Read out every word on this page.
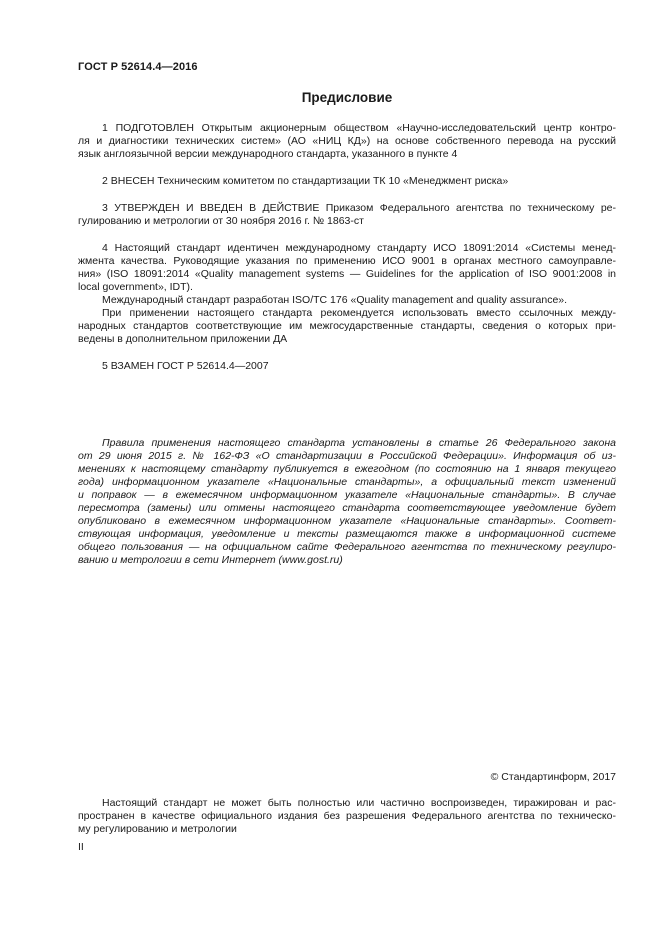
ГОСТ Р 52614.4—2016
Предисловие
1 ПОДГОТОВЛЕН Открытым акционерным обществом «Научно-исследовательский центр контро-
ля и диагностики технических систем» (АО «НИЦ КД») на основе собственного перевода на русский
язык англоязычной версии международного стандарта, указанного в пункте 4
2 ВНЕСЕН Техническим комитетом по стандартизации ТК 10 «Менеджмент риска»
3 УТВЕРЖДЕН И ВВЕДЕН В ДЕЙСТВИЕ Приказом Федерального агентства по техническому ре-
гулированию и метрологии от 30 ноября 2016 г. № 1863-ст
4 Настоящий стандарт идентичен международному стандарту ИСО 18091:2014 «Системы менед-
жмента качества. Руководящие указания по применению ИСО 9001 в органах местного самоуправле-
ния» (ISO 18091:2014 «Quality management systems — Guidelines for the application of ISO 9001:2008 in
local government», IDT).
Международный стандарт разработан ISO/TC 176 «Quality management and quality assurance».
При применении настоящего стандарта рекомендуется использовать вместо ссылочных между-
народных стандартов соответствующие им межгосударственные стандарты, сведения о которых при-
ведены в дополнительном приложении ДА
5 ВЗАМЕН ГОСТ Р 52614.4—2007
Правила применения настоящего стандарта установлены в статье 26 Федерального закона
от 29 июня 2015 г. № 162-ФЗ «О стандартизации в Российской Федерации». Информация об из-
менениях к настоящему стандарту публикуется в ежегодном (по состоянию на 1 января текущего
года) информационном указателе «Национальные стандарты», а официальный текст изменений
и поправок — в ежемесячном информационном указателе «Национальные стандарты». В случае
пересмотра (замены) или отмены настоящего стандарта соответствующее уведомление будет
опубликовано в ежемесячном информационном указателе «Национальные стандарты». Соответ-
ствующая информация, уведомление и тексты размещаются также в информационной системе
общего пользования — на официальном сайте Федерального агентства по техническому регулиро-
ванию и метрологии в сети Интернет (www.gost.ru)
© Стандартинформ, 2017
Настоящий стандарт не может быть полностью или частично воспроизведен, тиражирован и рас-
пространен в качестве официального издания без разрешения Федерального агентства по техническо-
му регулированию и метрологии
II
